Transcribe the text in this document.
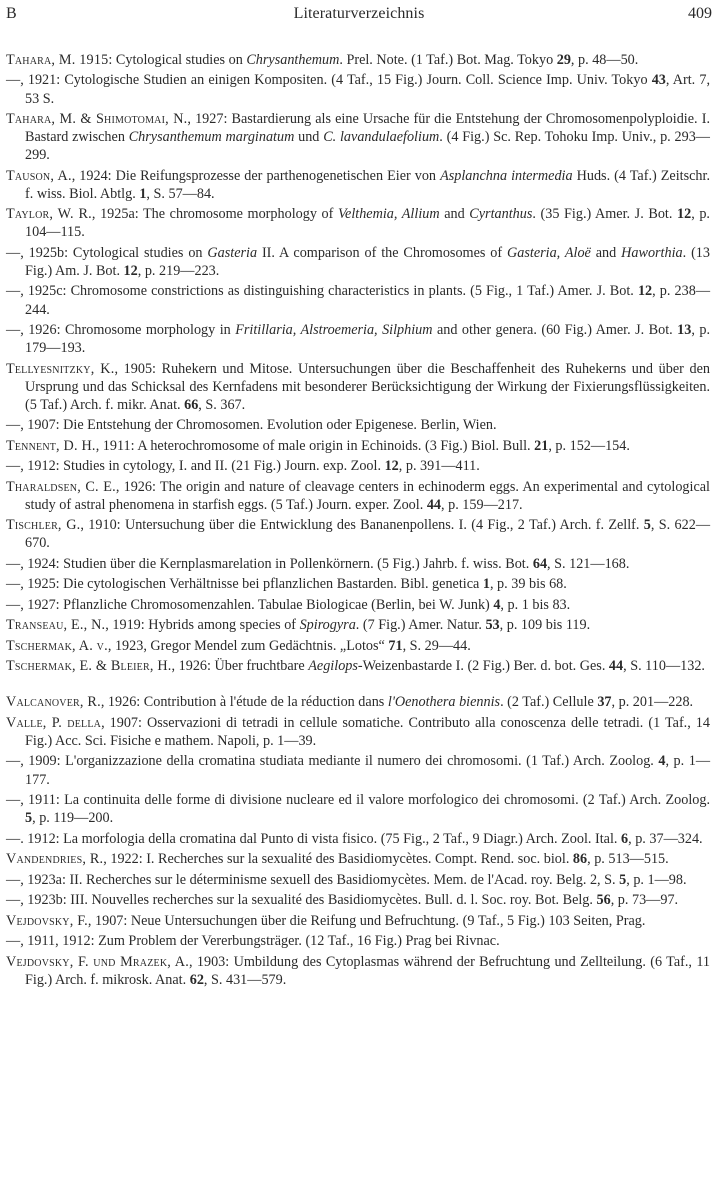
B	Literaturverzeichnis	409

Tahara, M. 1915: Cytological studies on Chrysanthemum. Prel. Note. (1 Taf.) Bot. Mag. Tokyo 29, p. 48—50.

—, 1921: Cytologische Studien an einigen Kompositen. (4 Taf., 15 Fig.) Journ. Coll. Science Imp. Univ. Tokyo 43, Art. 7, 53 S.

Tahara, M. & Shimotomai, N., 1927: Bastardierung als eine Ursache für die Entstehung der Chromosomenpolyploidie. I. Bastard zwischen Chrysanthemum marginatum und C. lavandulaefolium. (4 Fig.) Sc. Rep. Tohoku Imp. Univ., p. 293—299.

Tauson, A., 1924: Die Reifungsprozesse der parthenogenetischen Eier von Asplanchna intermedia Huds. (4 Taf.) Zeitschr. f. wiss. Biol. Abtlg. 1, S. 57—84.

Taylor, W. R., 1925a: The chromosome morphology of Velthemia, Allium and Cyrtanthus. (35 Fig.) Amer. J. Bot. 12, p. 104—115.

—, 1925b: Cytological studies on Gasteria II. A comparison of the Chromosomes of Gasteria, Aloë and Haworthia. (13 Fig.) Am. J. Bot. 12, p. 219—223.

—, 1925c: Chromosome constrictions as distinguishing characteristics in plants. (5 Fig., 1 Taf.) Amer. J. Bot. 12, p. 238—244.

—, 1926: Chromosome morphology in Fritillaria, Alstroemeria, Silphium and other genera. (60 Fig.) Amer. J. Bot. 13, p. 179—193.

Tellyesnitzky, K., 1905: Ruhekern und Mitose. Untersuchungen über die Beschaffenheit des Ruhekerns und über den Ursprung und das Schicksal des Kernfadens mit besonderer Berücksichtigung der Wirkung der Fixierungsflüssigkeiten. (5 Taf.) Arch. f. mikr. Anat. 66, S. 367.

—, 1907: Die Entstehung der Chromosomen. Evolution oder Epigenese. Berlin, Wien.

Tennent, D. H., 1911: A heterochromosome of male origin in Echinoids. (3 Fig.) Biol. Bull. 21, p. 152—154.

—, 1912: Studies in cytology, I. and II. (21 Fig.) Journ. exp. Zool. 12, p. 391—411.

Tharaldsen, C. E., 1926: The origin and nature of cleavage centers in echinoderm eggs. An experimental and cytological study of astral phenomena in starfish eggs. (5 Taf.) Journ. exper. Zool. 44, p. 159—217.

Tischler, G., 1910: Untersuchung über die Entwicklung des Bananenpollens. I. (4 Fig., 2 Taf.) Arch. f. Zellf. 5, S. 622—670.

—, 1924: Studien über die Kernplasmarelation in Pollenkörnern. (5 Fig.) Jahrb. f. wiss. Bot. 64, S. 121—168.

—, 1925: Die cytologischen Verhältnisse bei pflanzlichen Bastarden. Bibl. genetica 1, p. 39 bis 68.

—, 1927: Pflanzliche Chromosomenzahlen. Tabulae Biologicae (Berlin, bei W. Junk) 4, p. 1 bis 83.

Transeau, E., N., 1919: Hybrids among species of Spirogyra. (7 Fig.) Amer. Natur. 53, p. 109 bis 119.

Tschermak, A. v., 1923, Gregor Mendel zum Gedächtnis. „Lotos“ 71, S. 29—44.

Tschermak, E. & Bleier, H., 1926: Über fruchtbare Aegilops-Weizenbastarde I. (2 Fig.) Ber. d. bot. Ges. 44, S. 110—132.

Valcanover, R., 1926: Contribution à l'étude de la réduction dans l'Oenothera biennis. (2 Taf.) Cellule 37, p. 201—228.

Valle, P. della, 1907: Osservazioni di tetradi in cellule somatiche. Contributo alla conoscenza delle tetradi. (1 Taf., 14 Fig.) Acc. Sci. Fisiche e mathem. Napoli, p. 1—39.

—, 1909: L'organizzazione della cromatina studiata mediante il numero dei chromosomi. (1 Taf.) Arch. Zoolog. 4, p. 1—177.

—, 1911: La continuita delle forme di divisione nucleare ed il valore morfologico dei chromosomi. (2 Taf.) Arch. Zoolog. 5, p. 119—200.

—. 1912: La morfologia della cromatina dal Punto di vista fisico. (75 Fig., 2 Taf., 9 Diagr.) Arch. Zool. Ital. 6, p. 37—324.

Vandendries, R., 1922: I. Recherches sur la sexualité des Basidiomycètes. Compt. Rend. soc. biol. 86, p. 513—515.

—, 1923a: II. Recherches sur le déterminisme sexuell des Basidiomycètes. Mem. de l'Acad. roy. Belg. 2, S. 5, p. 1—98.

—, 1923b: III. Nouvelles recherches sur la sexualité des Basidiomycètes. Bull. d. l. Soc. roy. Bot. Belg. 56, p. 73—97.

Vejdovsky, F., 1907: Neue Untersuchungen über die Reifung und Befruchtung. (9 Taf., 5 Fig.) 103 Seiten, Prag.

—, 1911, 1912: Zum Problem der Vererbungsträger. (12 Taf., 16 Fig.) Prag bei Rivnac.

Vejdovsky, F. und Mrazek, A., 1903: Umbildung des Cytoplasmas während der Befruchtung und Zellteilung. (6 Taf., 11 Fig.) Arch. f. mikrosk. Anat. 62, S. 431—579.
